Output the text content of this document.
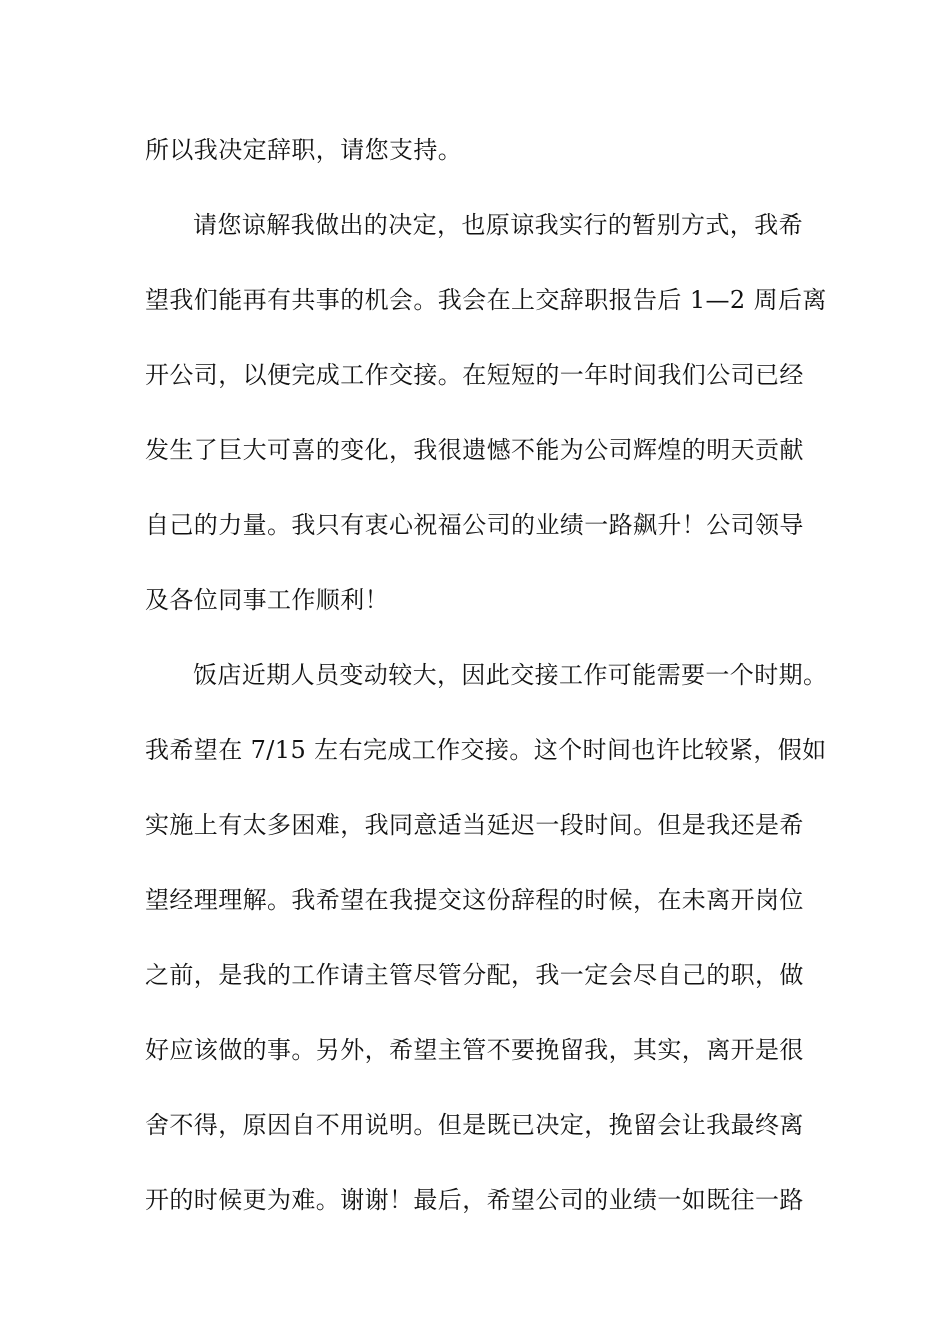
所以我决定辞职，请您支持。
请您谅解我做出的决定，也原谅我实行的暂别方式，我希
望我们能再有共事的机会。我会在上交辞职报告后 1—2 周后离
开公司，以便完成工作交接。在短短的一年时间我们公司已经
发生了巨大可喜的变化，我很遗憾不能为公司辉煌的明天贡献
自己的力量。我只有衷心祝福公司的业绩一路飙升！公司领导
及各位同事工作顺利！
饭店近期人员变动较大，因此交接工作可能需要一个时期。
我希望在 7/15 左右完成工作交接。这个时间也许比较紧，假如
实施上有太多困难，我同意适当延迟一段时间。但是我还是希
望经理理解。我希望在我提交这份辞程的时候，在未离开岗位
之前，是我的工作请主管尽管分配，我一定会尽自己的职，做
好应该做的事。另外，希望主管不要挽留我，其实，离开是很
舍不得，原因自不用说明。但是既已决定，挽留会让我最终离
开的时候更为难。谢谢！最后，希望公司的业绩一如既往一路
